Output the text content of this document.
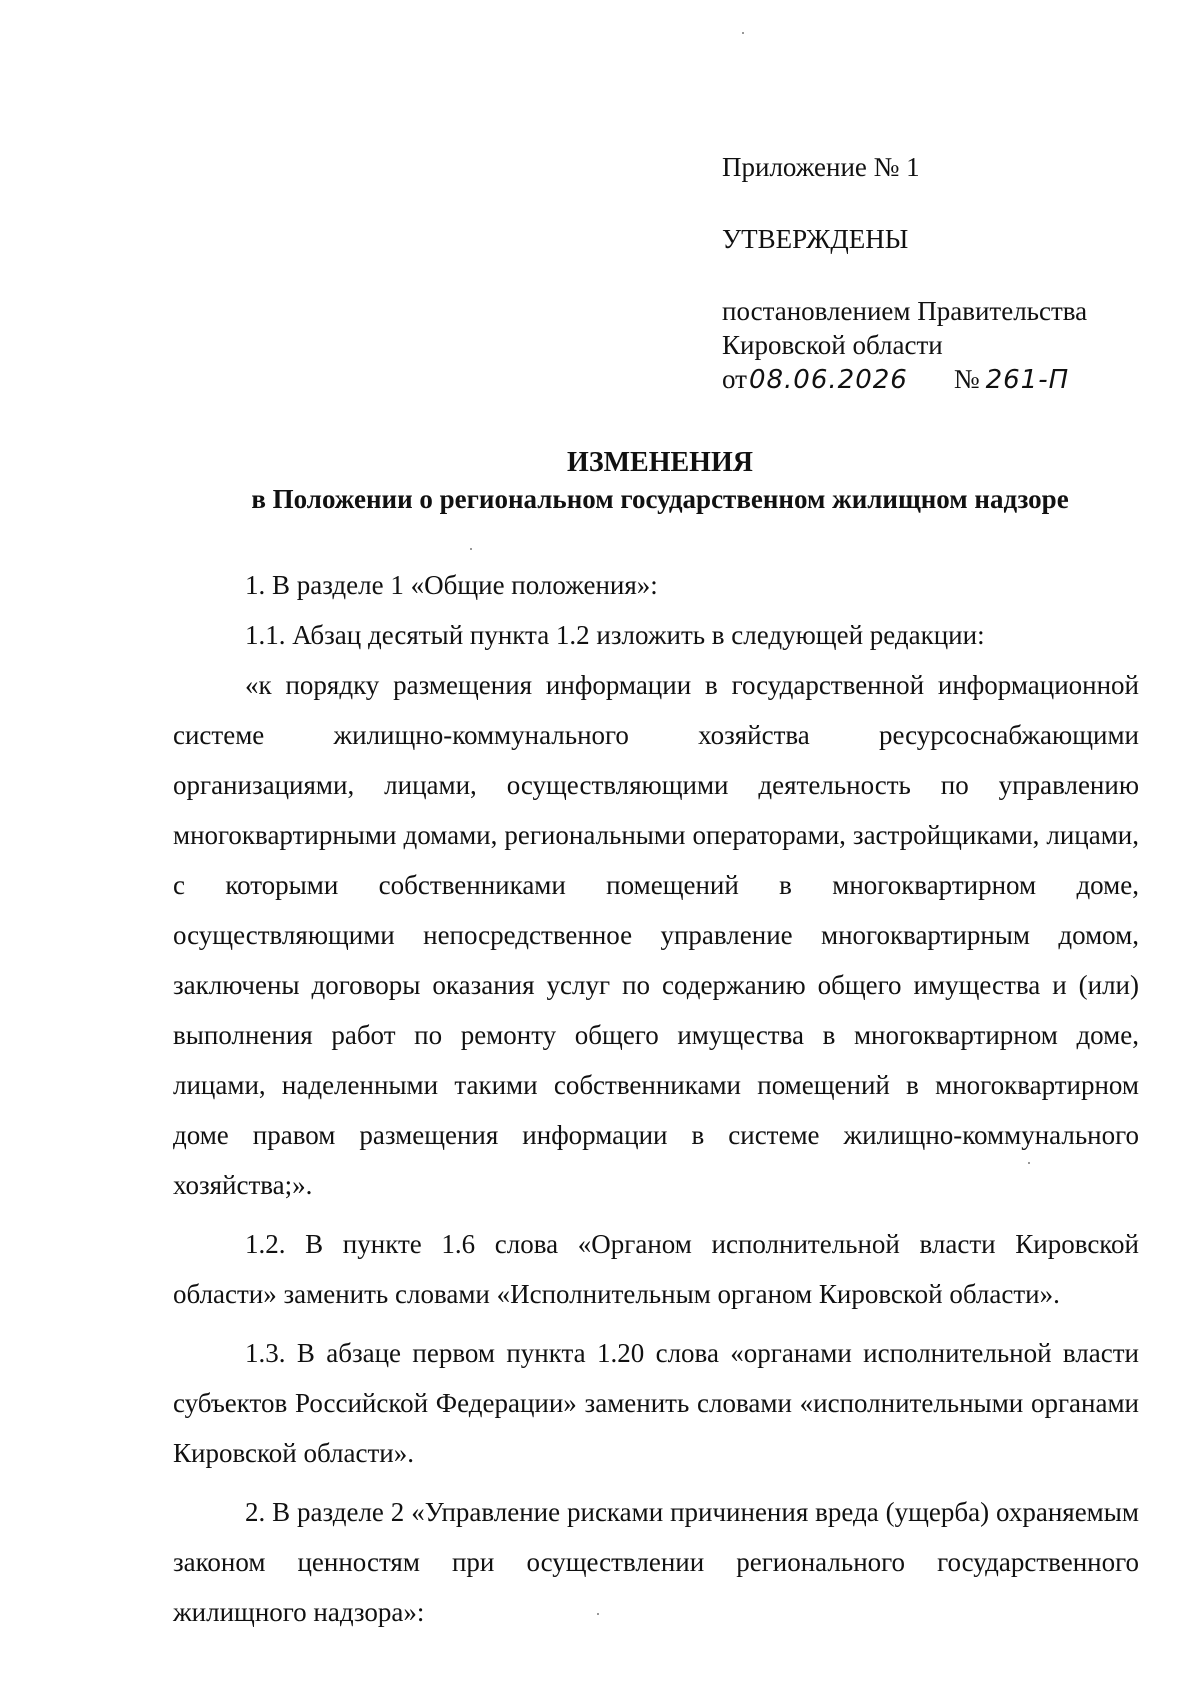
Приложение № 1
УТВЕРЖДЕНЫ
постановлением Правительства
Кировской области
от08.06.2026 № 261-П
ИЗМЕНЕНИЯ
в Положении о региональном государственном жилищном надзоре

1. В разделе 1 «Общие положения»:

1.1. Абзац десятый пункта 1.2 изложить в следующей редакции:

«к порядку размещения информации в государственной информационной системе жилищно-коммунального хозяйства ресурсоснабжающими организациями, лицами, осуществляющими деятельность по управлению многоквартирными домами, региональными операторами, застройщиками, лицами, с которыми собственниками помещений в многоквартирном доме, осуществляющими непосредственное управление многоквартирным домом, заключены договоры оказания услуг по содержанию общего имущества и (или) выполнения работ по ремонту общего имущества в многоквартирном доме, лицами, наделенными такими собственниками помещений в многоквартирном доме правом размещения информации в системе жилищно-коммунального хозяйства;».

1.2. В пункте 1.6 слова «Органом исполнительной власти Кировской области» заменить словами «Исполнительным органом Кировской области».

1.3. В абзаце первом пункта 1.20 слова «органами исполнительной власти субъектов Российской Федерации» заменить словами «исполнительными органами Кировской области».

2. В разделе 2 «Управление рисками причинения вреда (ущерба) охраняемым законом ценностям при осуществлении регионального государственного жилищного надзора»:
